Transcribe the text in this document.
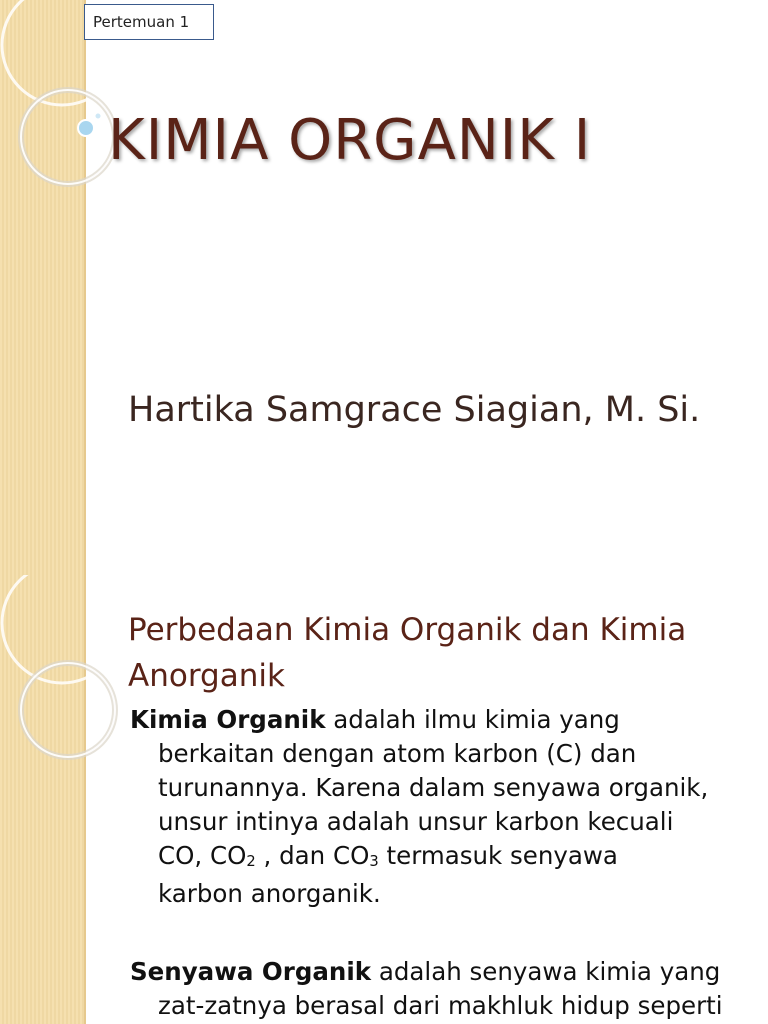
Pertemuan 1
KIMIA ORGANIK I
Hartika Samgrace Siagian, M. Si.
Perbedaan Kimia Organik dan Kimia
Anorganik
Kimia Organik adalah ilmu kimia yang
berkaitan dengan atom karbon (C) dan
turunannya. Karena dalam senyawa organik,
unsur intinya adalah unsur karbon kecuali
CO, $CO_2$ , dan $CO_3$ termasuk senyawa
karbon anorganik.
Senyawa Organik adalah senyawa kimia yang
zat-zatnya berasal dari makhluk hidup seperti
